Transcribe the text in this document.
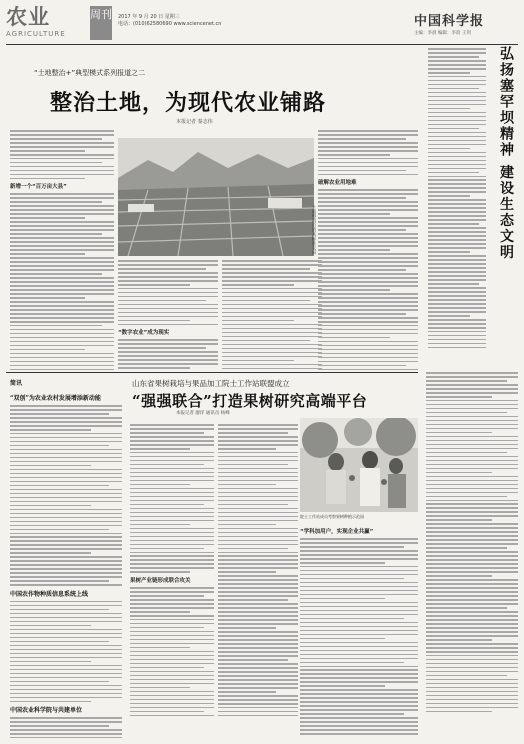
农业
AGRICULTURE
周刊 2017 年 9 月 20 日 星期三
电话：(010)62580690 www.sciencenet.cn	中国科学报
主编：李晨 编辑：李晨 王剑
“土地整治+”典型模式系列报道之二
整治土地，为现代农业铺路
本报记者 秦志伟
新增一个“百万亩大县”
土地整治后的高标准农田
“数字农业”成为现实
破解农业用地难	弘扬塞罕坝精神 建设生态文明
简讯
“双创”为农业农村发展增添新动能
中国农作物种质信息系统上线
中国农业科学院与共建单位
山东省果树栽培与果品加工院士工作站联盟成立
“强强联合”打造果树研究高端平台
本报记者 廖洋 通讯员 杨峰
果树产业链形成联合攻关
院士工作站成员考察果树种植示范园
“学科加用户，实现企业共赢”
